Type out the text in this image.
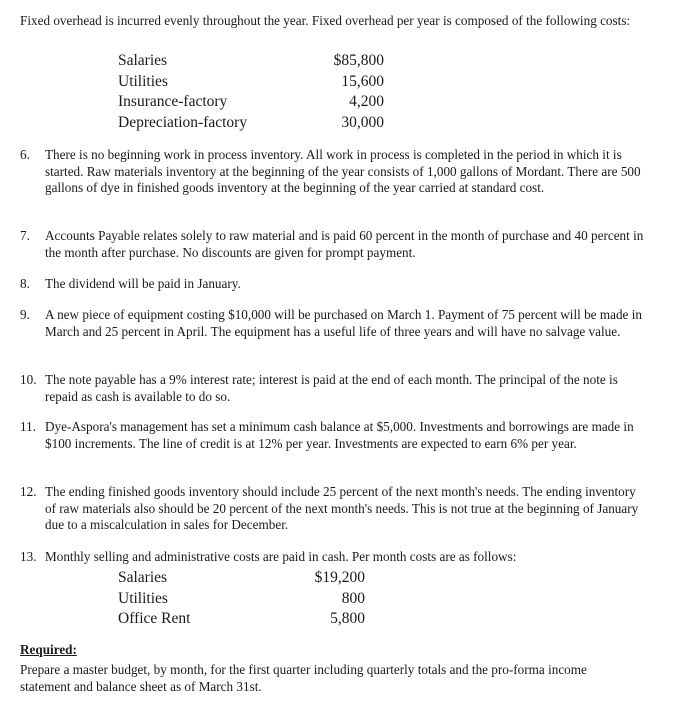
Fixed overhead is incurred evenly throughout the year. Fixed overhead per year is composed of the following costs:
Salaries	$85,800
Utilities	15,600
Insurance-factory	4,200
Depreciation-factory	30,000
6.	There is no beginning work in process inventory. All work in process is completed in the period in which it is started. Raw materials inventory at the beginning of the year consists of 1,000 gallons of Mordant. There are 500 gallons of dye in finished goods inventory at the beginning of the year carried at standard cost.
7.	Accounts Payable relates solely to raw material and is paid 60 percent in the month of purchase and 40 percent in the month after purchase. No discounts are given for prompt payment.
8.	The dividend will be paid in January.
9.	A new piece of equipment costing $10,000 will be purchased on March 1. Payment of 75 percent will be made in March and 25 percent in April. The equipment has a useful life of three years and will have no salvage value.
10. The note payable has a 9% interest rate; interest is paid at the end of each month. The principal of the note is repaid as cash is available to do so.
11. Dye-Aspora's management has set a minimum cash balance at $5,000. Investments and borrowings are made in $100 increments. The line of credit is at 12% per year. Investments are expected to earn 6% per year.
12. The ending finished goods inventory should include 25 percent of the next month's needs. The ending inventory of raw materials also should be 20 percent of the next month's needs. This is not true at the beginning of January due to a miscalculation in sales for December.
13. Monthly selling and administrative costs are paid in cash. Per month costs are as follows:
Salaries	$19,200
Utilities	800
Office Rent	5,800
Required:
Prepare a master budget, by month, for the first quarter including quarterly totals and the pro-forma income statement and balance sheet as of March 31st.
